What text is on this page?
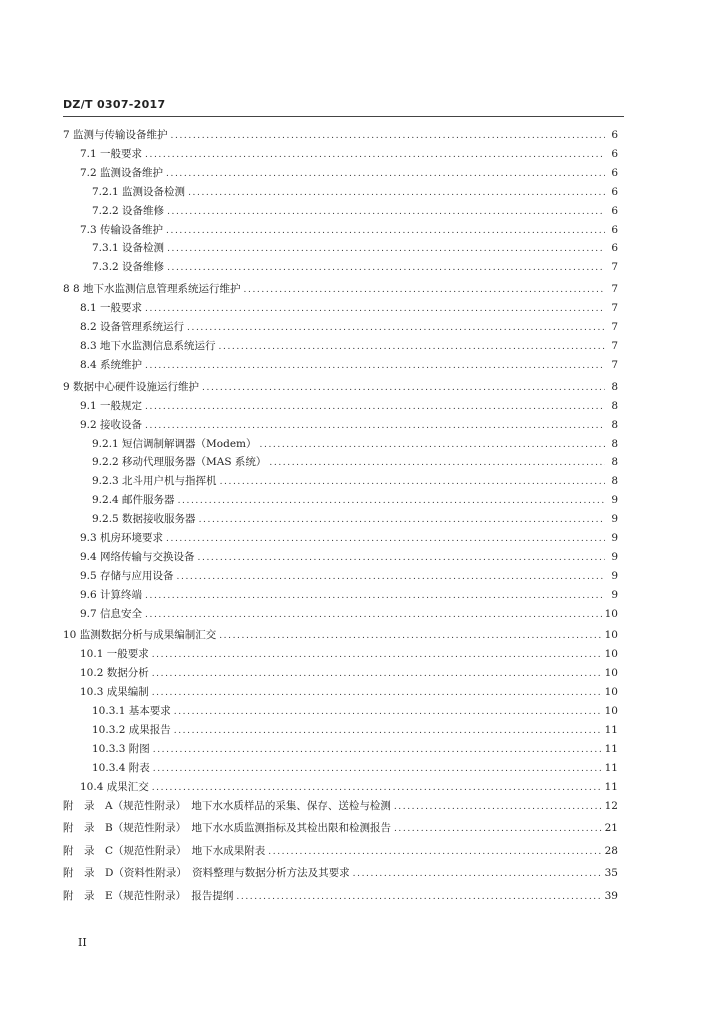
DZ/T 0307-2017
7 监测与传输设备维护 .....	6
7.1 一般要求 .....	6
7.2 监测设备维护 .....	6
7.2.1 监测设备检测 .....	6
7.2.2 设备维修 .....	6
7.3 传输设备维护 .....	6
7.3.1 设备检测 .....	6
7.3.2 设备维修 .....	7
8 8 地下水监测信息管理系统运行维护 .....	7
8.1 一般要求 .....	7
8.2 设备管理系统运行 .....	7
8.3 地下水监测信息系统运行 .....	7
8.4 系统维护 .....	7
9 数据中心硬件设施运行维护 .....	8
9.1 一般规定 .....	8
9.2 接收设备 .....	8
9.2.1 短信调制解调器（Modem） .....	8
9.2.2 移动代理服务器（MAS 系统） .....	8
9.2.3 北斗用户机与指挥机 .....	8
9.2.4 邮件服务器 .....	9
9.2.5 数据接收服务器 .....	9
9.3 机房环境要求 .....	9
9.4 网络传输与交换设备 .....	9
9.5 存储与应用设备 .....	9
9.6 计算终端 .....	9
9.7 信息安全 .....	10
10 监测数据分析与成果编制汇交 .....	10
10.1 一般要求 .....	10
10.2 数据分析 .....	10
10.3 成果编制 .....	10
10.3.1 基本要求 .....	10
10.3.2 成果报告 .....	11
10.3.3 附图 .....	11
10.3.4 附表 .....	11
10.4 成果汇交 .....	11
附　录　A（规范性附录）　地下水水质样品的采集、保存、送检与检测 .....	12
附　录　B（规范性附录）　地下水水质监测指标及其检出限和检测报告 .....	21
附　录　C（规范性附录）　地下水成果附表 .....	28
附　录　D（资料性附录）　资料整理与数据分析方法及其要求 .....	35
附　录　E（规范性附录）　报告提纲 .....	39
II
